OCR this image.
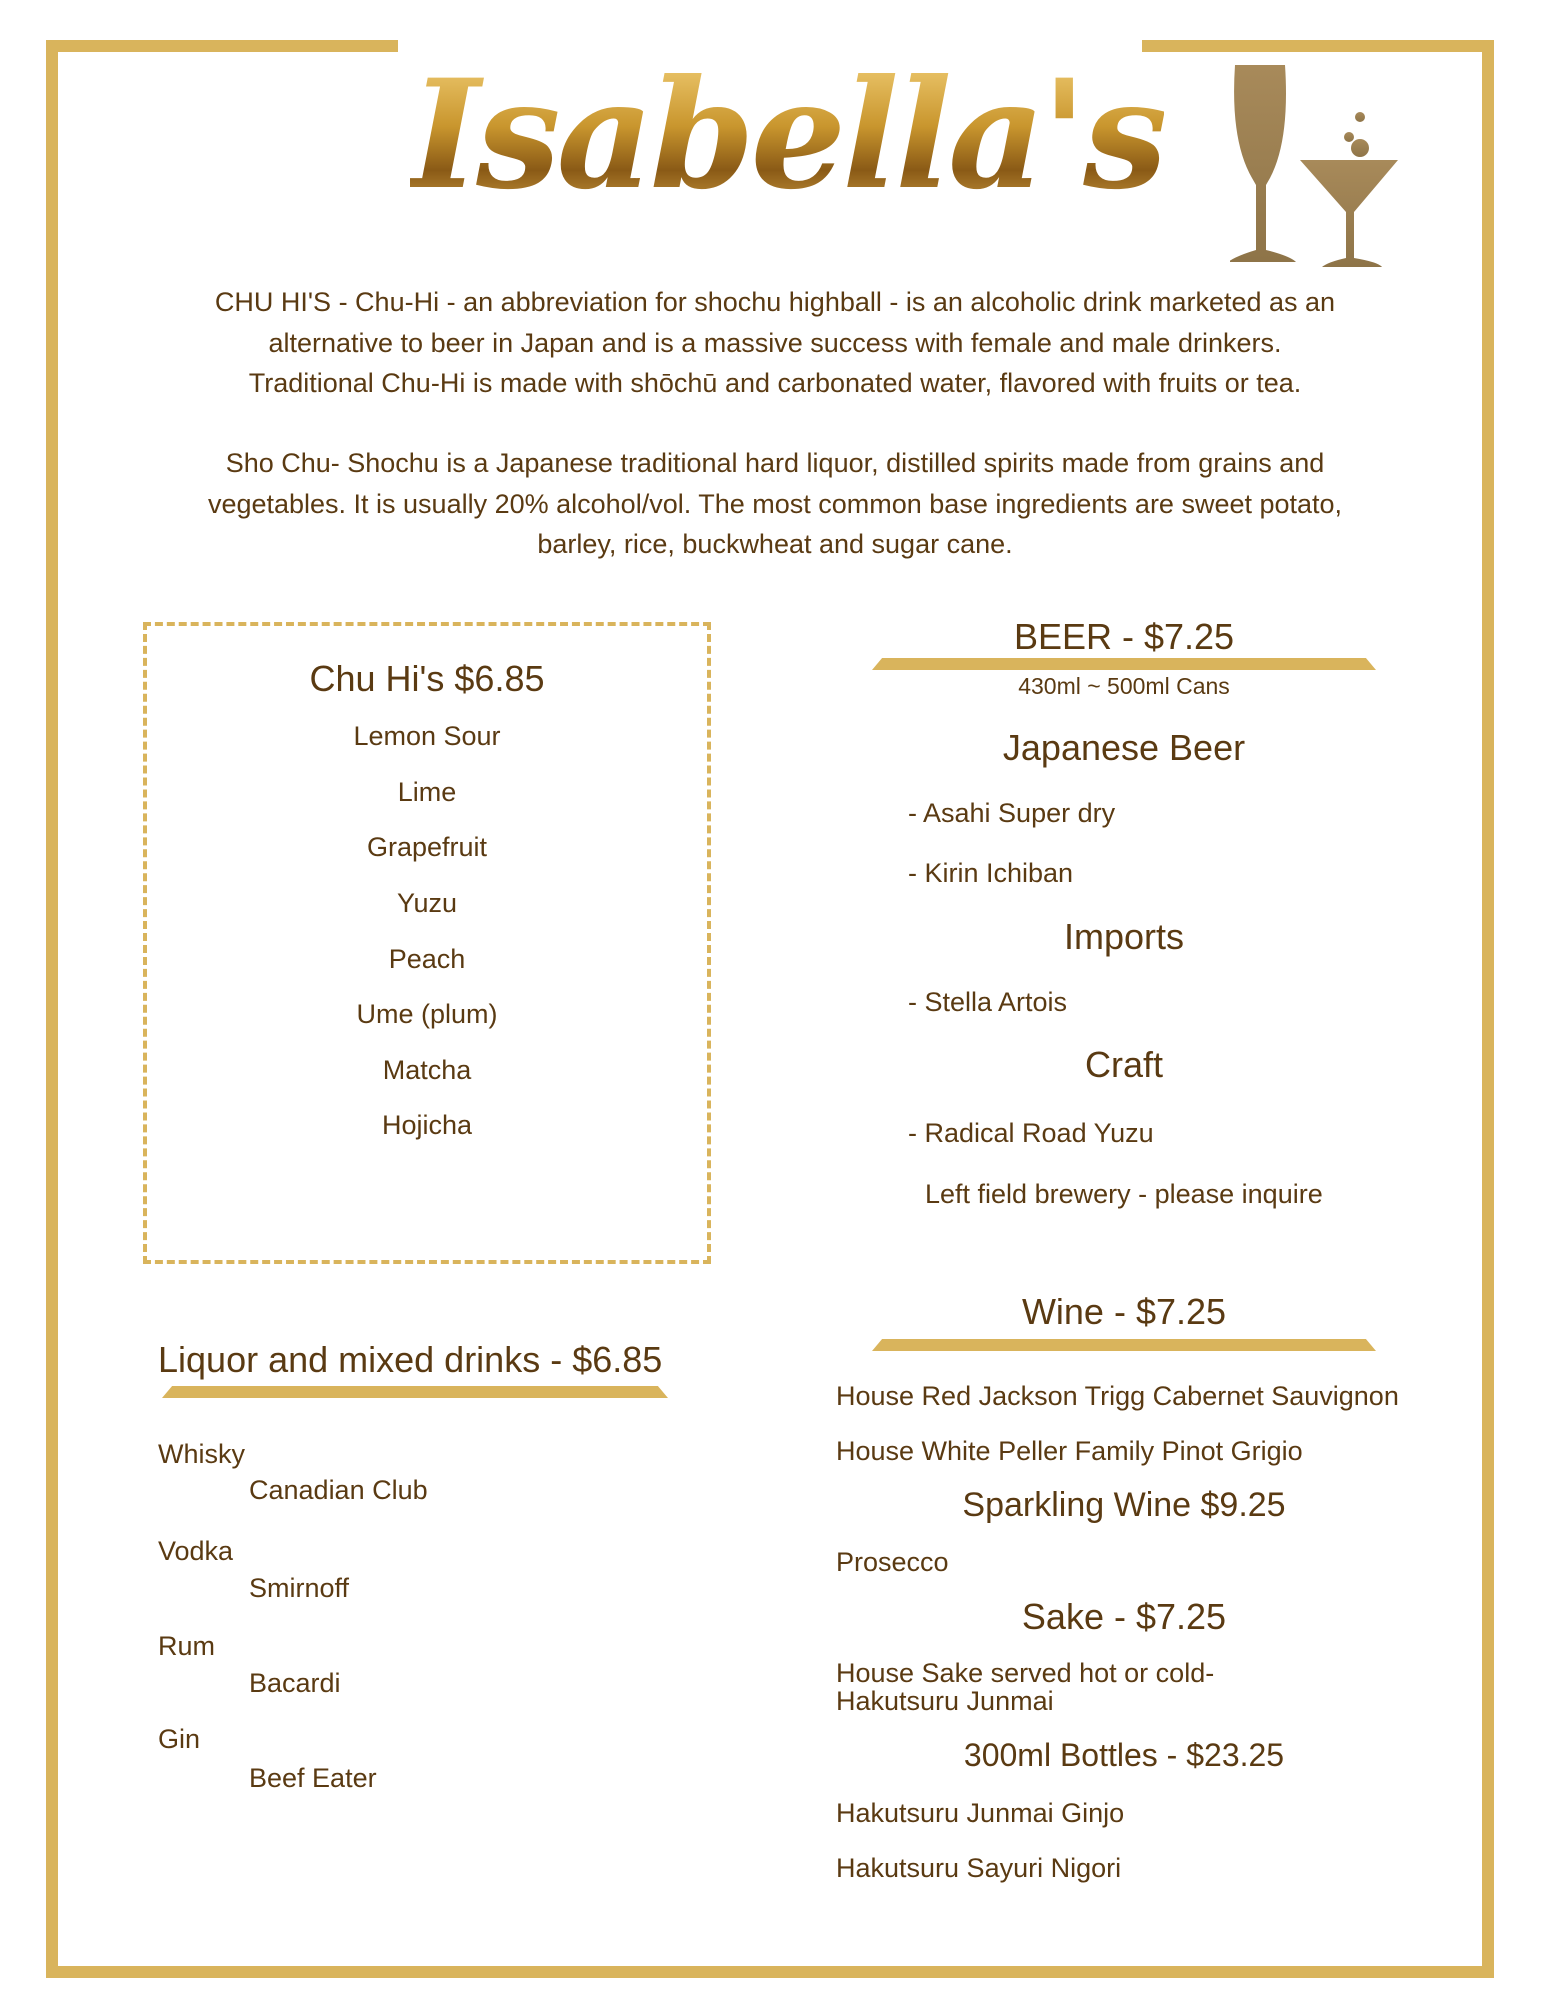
Isabella's

CHU HI'S - Chu-Hi - an abbreviation for shochu highball - is an alcoholic drink marketed as an

alternative to beer in Japan and is a massive success with female and male drinkers.

Traditional Chu-Hi is made with shōchū and carbonated water, flavored with fruits or tea.

Sho Chu- Shochu is a Japanese traditional hard liquor, distilled spirits made from grains and

vegetables. It is usually 20% alcohol/vol. The most common base ingredients are sweet potato,

barley, rice, buckwheat and sugar cane.

Chu Hi's $6.85
Lemon Sour
Lime
Grapefruit
Yuzu
Peach
Ume (plum)
Matcha
Hojicha
Liquor and mixed drinks - $6.85
Whisky
Canadian Club
Vodka
Smirnoff
Rum
Bacardi
Gin
Beef Eater
BEER - $7.25
430ml ~ 500ml Cans
Japanese Beer
- Asahi Super dry
- Kirin Ichiban
Imports
- Stella Artois
Craft
- Radical Road Yuzu
Left field brewery - please inquire
Wine - $7.25
House Red Jackson Trigg Cabernet Sauvignon
House White Peller Family Pinot Grigio
Sparkling Wine $9.25
Prosecco
Sake - $7.25
House Sake served hot or cold-
Hakutsuru Junmai
300ml Bottles - $23.25
Hakutsuru Junmai Ginjo
Hakutsuru Sayuri Nigori
